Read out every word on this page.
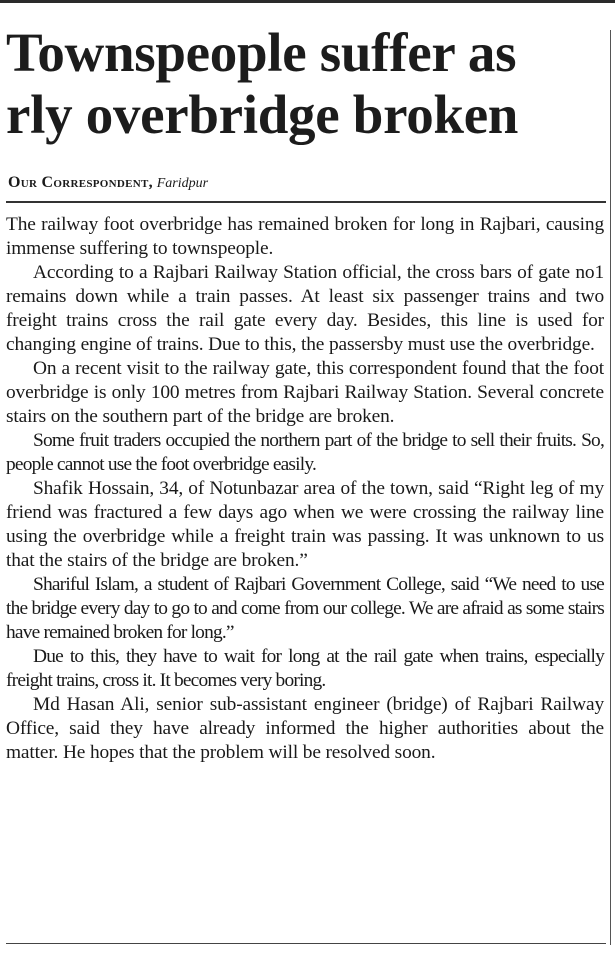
Townspeople suffer as
rly overbridge broken
Our Correspondent, Faridpur

The railway foot overbridge has remained broken for long in Rajbari, causing immense suffering to townspeople.

According to a Rajbari Railway Station official, the cross bars of gate no1 remains down while a train passes. At least six passenger trains and two freight trains cross the rail gate every day. Besides, this line is used for changing engine of trains. Due to this, the passersby must use the overbridge.

On a recent visit to the railway gate, this correspondent found that the foot overbridge is only 100 metres from Rajbari Railway Station. Several concrete stairs on the southern part of the bridge are broken.

Some fruit traders occupied the northern part of the bridge to sell their fruits. So, people cannot use the foot overbridge easily.

Shafik Hossain, 34, of Notunbazar area of the town, said “Right leg of my friend was fractured a few days ago when we were crossing the railway line using the overbridge while a freight train was passing. It was unknown to us that the stairs of the bridge are broken.”

Shariful Islam, a student of Rajbari Government College, said “We need to use the bridge every day to go to and come from our college. We are afraid as some stairs have remained broken for long.”

Due to this, they have to wait for long at the rail gate when trains, especially freight trains, cross it. It becomes very boring.

Md Hasan Ali, senior sub-assistant engineer (bridge) of Rajbari Railway Office, said they have already informed the higher authorities about the matter. He hopes that the problem will be resolved soon.
